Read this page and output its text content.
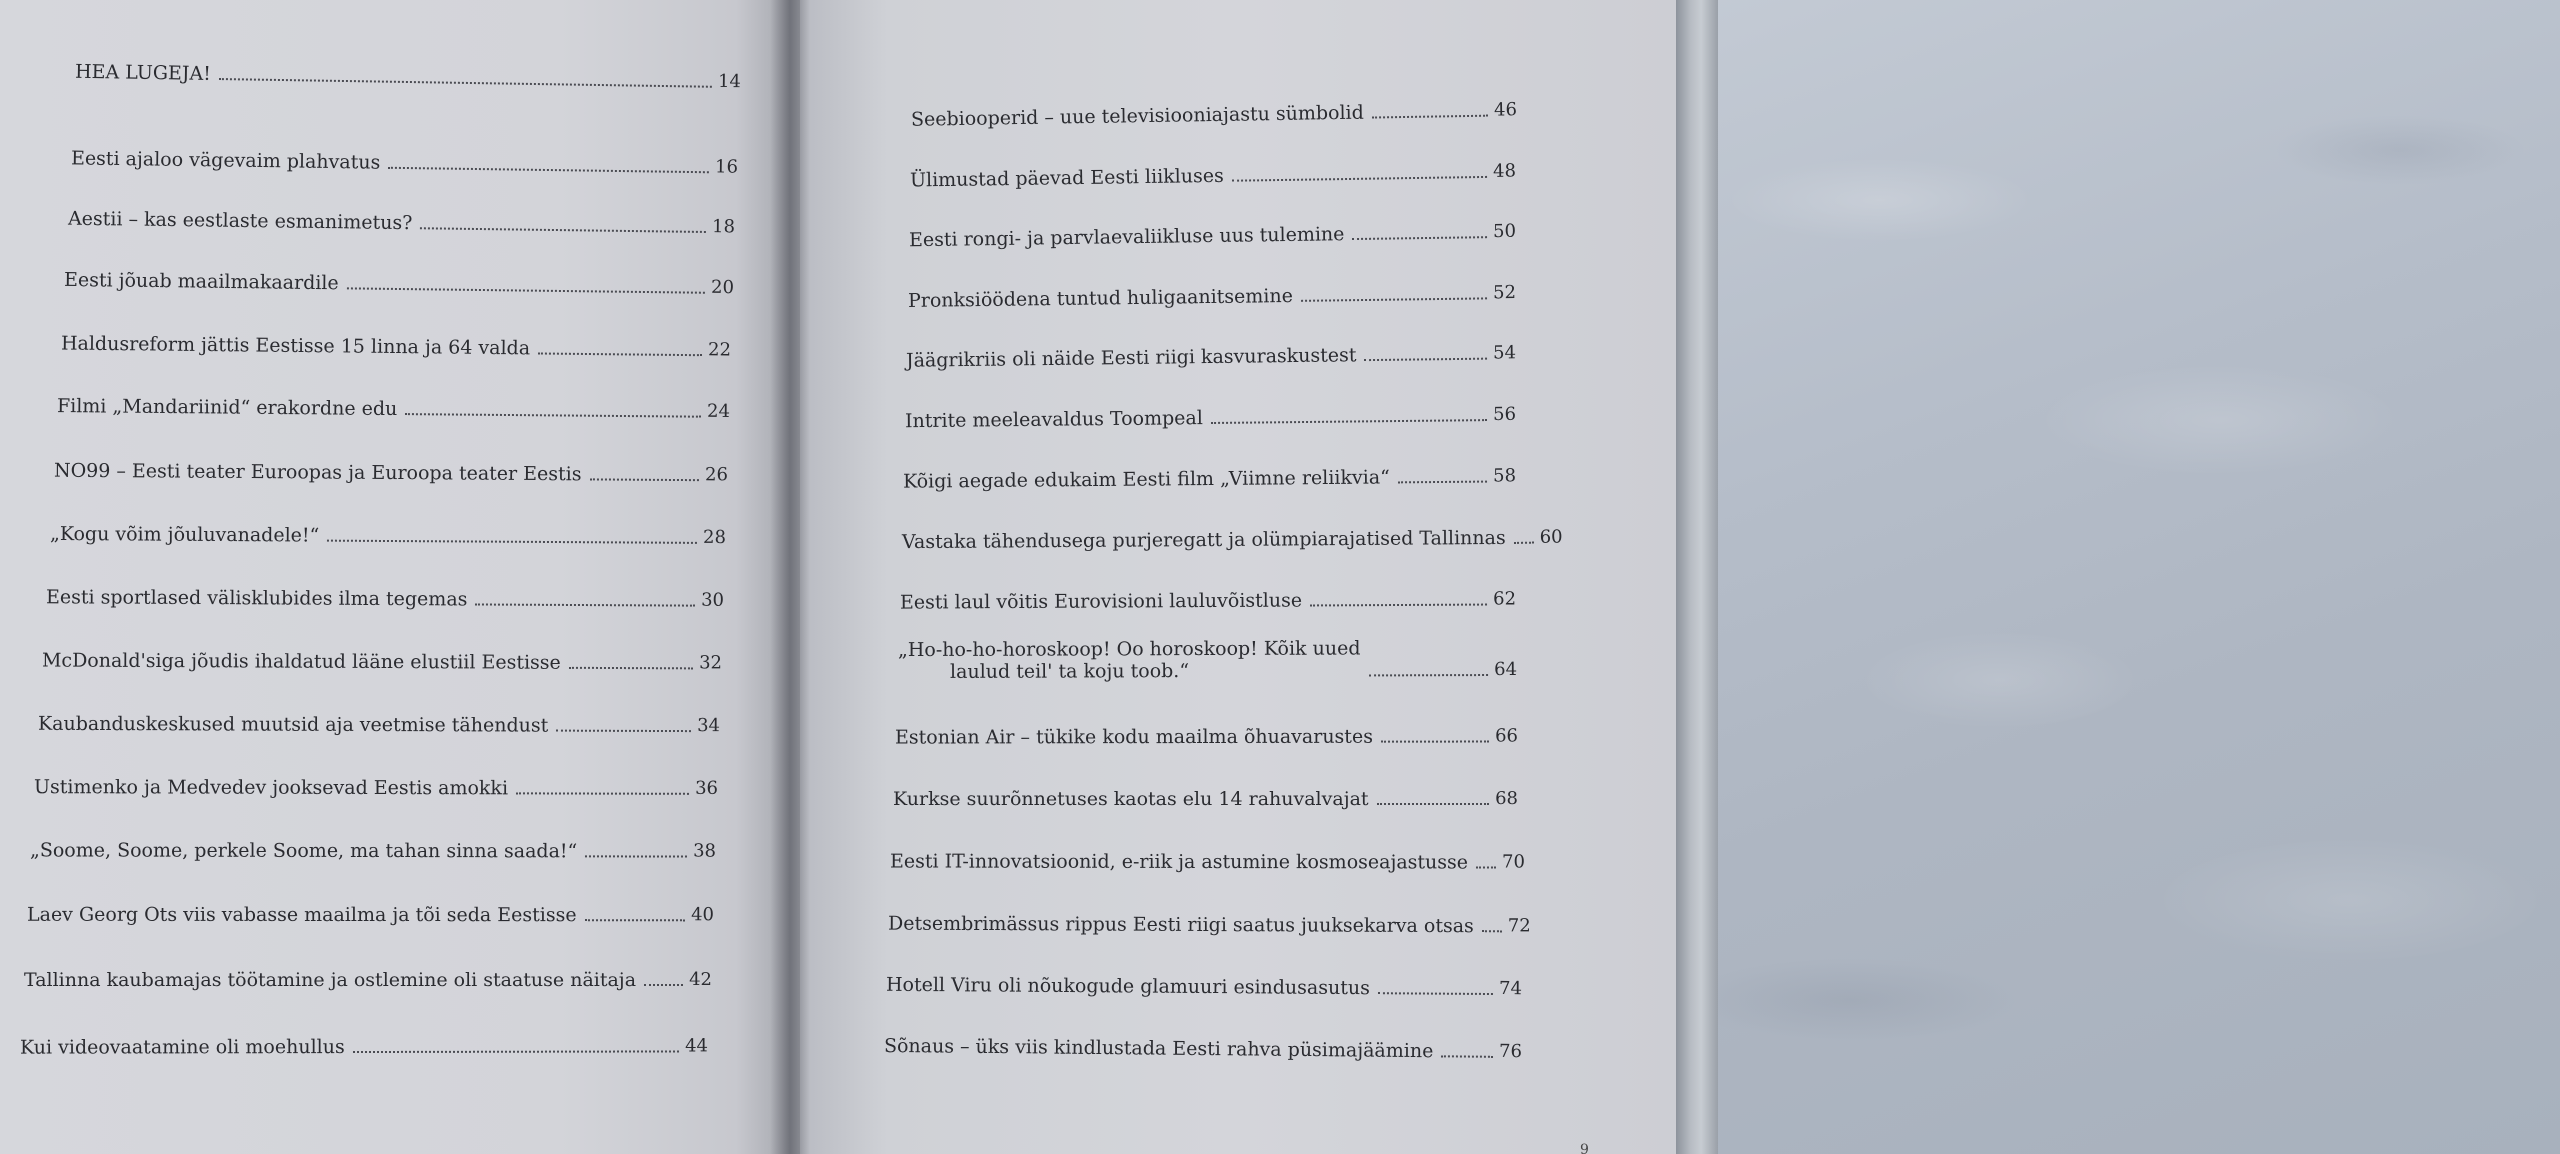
HEA LUGEJA!	14
Eesti ajaloo vägevaim plahvatus	16
Aestii – kas eestlaste esmanimetus?	18
Eesti jõuab maailmakaardile	20
Haldusreform jättis Eestisse 15 linna ja 64 valda	22
Filmi „Mandariinid“ erakordne edu	24
NO99 – Eesti teater Euroopas ja Euroopa teater Eestis	26
„Kogu võim jõuluvanadele!“	28
Eesti sportlased välisklubides ilma tegemas	30
McDonald'siga jõudis ihaldatud lääne elustiil Eestisse	32
Kaubanduskeskused muutsid aja veetmise tähendust	34
Ustimenko ja Medvedev jooksevad Eestis amokki	36
„Soome, Soome, perkele Soome, ma tahan sinna saada!“	38
Laev Georg Ots viis vabasse maailma ja tõi seda Eestisse	40
Tallinna kaubamajas töötamine ja ostlemine oli staatuse näitaja	42
Kui videovaatamine oli moehullus	44
Seebiooperid – uue televisiooniajastu sümbolid	46
Ülimustad päevad Eesti liikluses	48
Eesti rongi- ja parvlaevaliikluse uus tulemine	50
Pronksiöödena tuntud huligaanitsemine	52
Jäägrikriis oli näide Eesti riigi kasvuraskustest	54
Intrite meeleavaldus Toompeal	56
Kõigi aegade edukaim Eesti film „Viimne reliikvia“	58
Vastaka tähendusega purjeregatt ja olümpiarajatised Tallinnas 60
Eesti laul võitis Eurovisioni lauluvõistluse	62
„Ho-ho-ho-horoskoop! Oo horoskoop! Kõik uued
laulud teil' ta koju toob.“	64
Estonian Air – tükike kodu maailma õhuavarustes	66
Kurkse suurõnnetuses kaotas elu 14 rahuvalvajat	68
Eesti IT-innovatsioonid, e-riik ja astumine kosmoseajastusse 70
Detsembrimässus rippus Eesti riigi saatus juuksekarva otsas 72
Hotell Viru oli nõukogude glamuuri esindusasutus	74
Sõnaus – üks viis kindlustada Eesti rahva püsimajäämine	76
9
